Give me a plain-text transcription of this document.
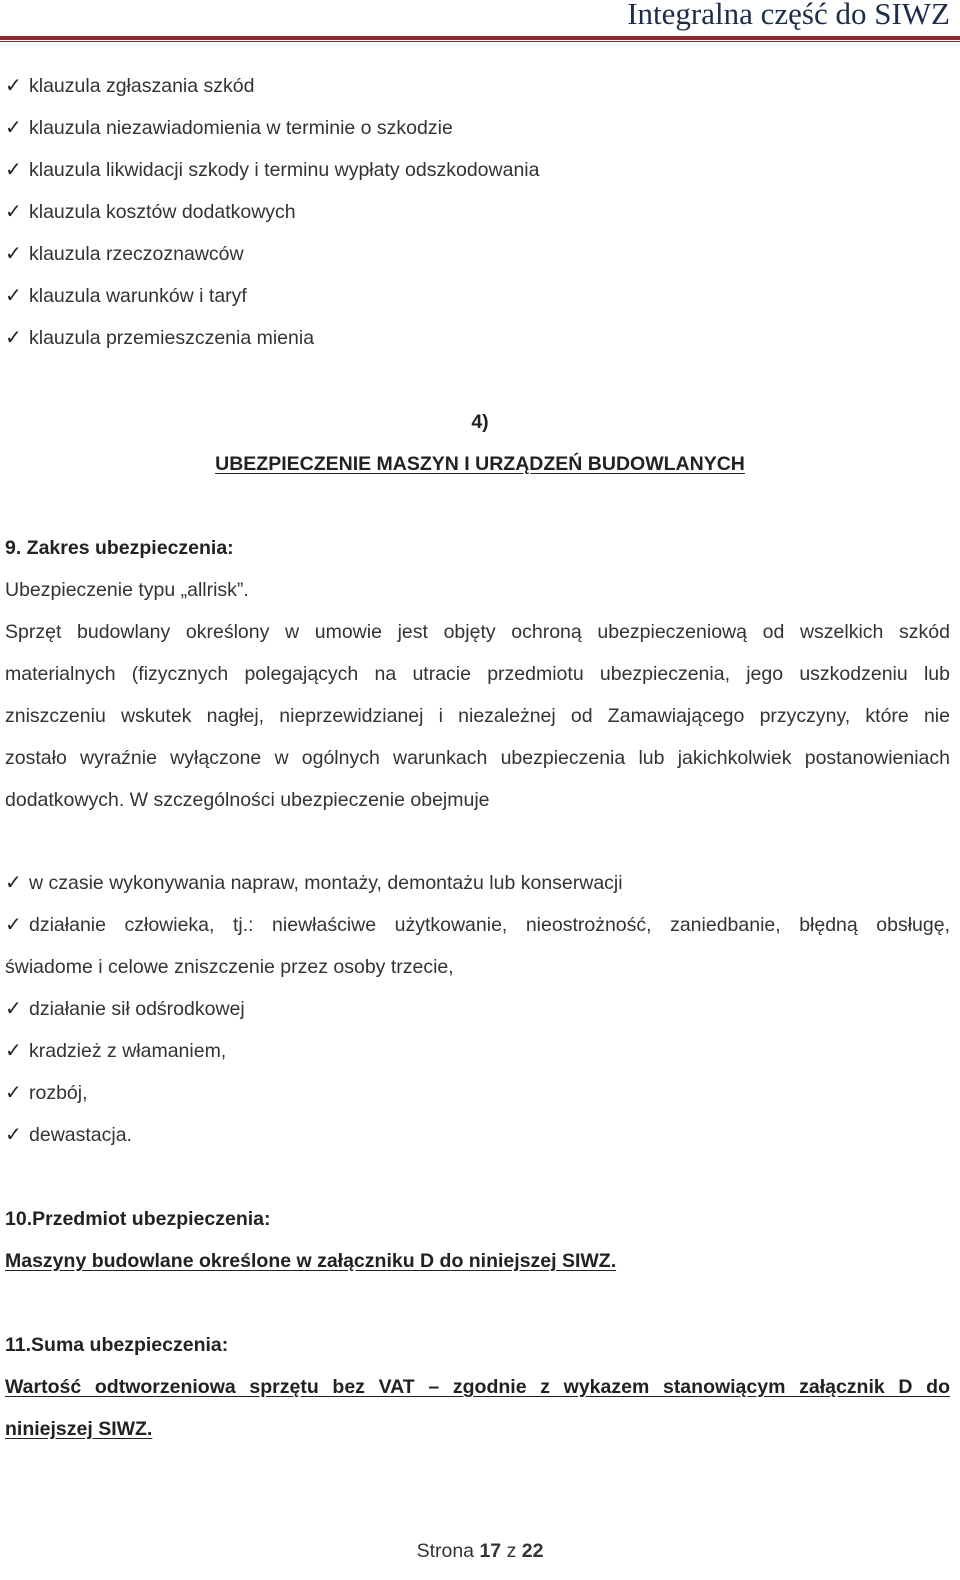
Integralna część do SIWZ
✓ klauzula zgłaszania szkód
✓ klauzula niezawiadomienia w terminie o szkodzie
✓ klauzula likwidacji szkody i terminu wypłaty odszkodowania
✓ klauzula kosztów dodatkowych
✓ klauzula rzeczoznawców
✓ klauzula warunków i taryf
✓ klauzula przemieszczenia mienia
4)
UBEZPIECZENIE MASZYN I URZĄDZEŃ BUDOWLANYCH
9. Zakres ubezpieczenia:
Ubezpieczenie typu „allrisk”.
Sprzęt budowlany określony w umowie jest objęty ochroną ubezpieczeniową od wszelkich szkód
materialnych (fizycznych polegających na utracie przedmiotu ubezpieczenia, jego uszkodzeniu lub
zniszczeniu wskutek nagłej, nieprzewidzianej i niezależnej od Zamawiającego przyczyny, które nie
zostało wyraźnie wyłączone w ogólnych warunkach ubezpieczenia lub jakichkolwiek postanowieniach
dodatkowych. W szczególności ubezpieczenie obejmuje
✓ w czasie wykonywania napraw, montaży, demontażu lub konserwacji
✓ działanie człowieka, tj.: niewłaściwe użytkowanie, nieostrożność, zaniedbanie, błędną obsługę,
świadome i celowe zniszczenie przez osoby trzecie,
✓ działanie sił odśrodkowej
✓ kradzież z włamaniem,
✓ rozbój,
✓ dewastacja.
10.Przedmiot ubezpieczenia:
Maszyny budowlane określone w załączniku D do niniejszej SIWZ.
11.Suma ubezpieczenia:
Wartość odtworzeniowa sprzętu bez VAT – zgodnie z wykazem stanowiącym załącznik D do
niniejszej SIWZ.
Strona 17 z 22
